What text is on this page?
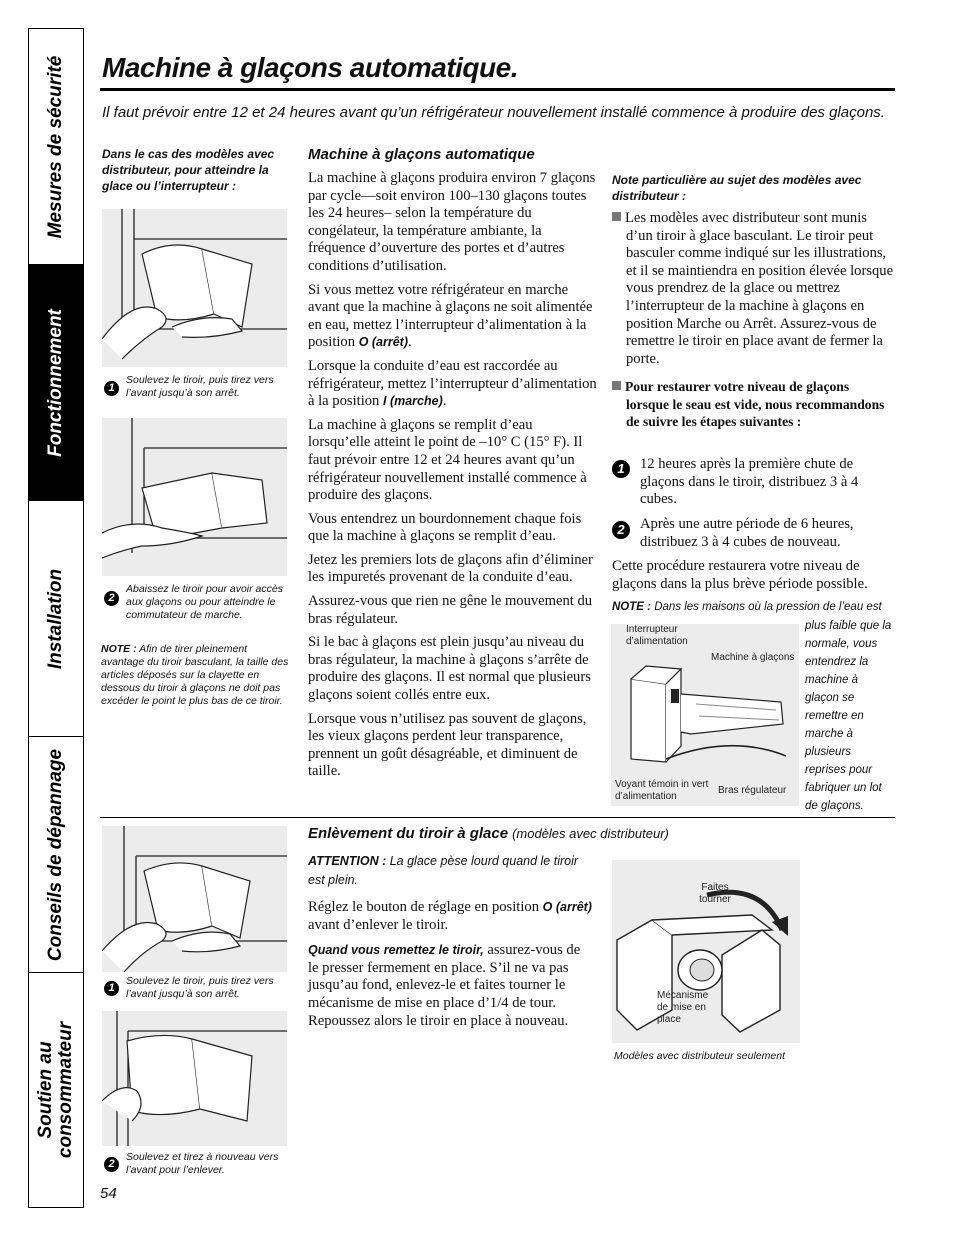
Mesures de sécurité
Fonctionnement
Installation
Conseils de dépannage
Soutien au
consommateur
Machine à glaçons automatique.
Il faut prévoir entre 12 et 24 heures avant qu’un réfrigérateur nouvellement installé commence à produire des glaçons.
Dans le cas des modèles avec distributeur, pour atteindre la glace ou l’interrupteur :
1
Soulevez le tiroir, puis tirez vers l’avant jusqu’à son arrêt.
2
Abaissez le tiroir pour avoir accès aux glaçons ou pour atteindre le commutateur de marche.
NOTE : Afin de tirer pleinement avantage du tiroir basculant, la taille des articles déposés sur la clayette en dessous du tiroir à glaçons ne doit pas excéder le point le plus bas de ce tiroir.
Machine à glaçons automatique

La machine à glaçons produira environ 7 glaçons par cycle—soit environ 100–130 glaçons toutes les 24 heures– selon la température du congélateur, la température ambiante, la fréquence d’ouverture des portes et d’autres conditions d’utilisation.

Si vous mettez votre réfrigérateur en marche avant que la machine à glaçons ne soit alimentée en eau, mettez l’interrupteur d’alimentation à la position O (arrêt).

Lorsque la conduite d’eau est raccordée au réfrigérateur, mettez l’interrupteur d’alimentation à la position I (marche).

La machine à glaçons se remplit d’eau lorsqu’elle atteint le point de –10° C (15° F). Il faut prévoir entre 12 et 24 heures avant qu’un réfrigérateur nouvellement installé commence à produire des glaçons.

Vous entendrez un bourdonnement chaque fois que la machine à glaçons se remplit d’eau.

Jetez les premiers lots de glaçons afin d’éliminer les impuretés provenant de la conduite d’eau.

Assurez-vous que rien ne gêne le mouvement du bras régulateur.

Si le bac à glaçons est plein jusqu’au niveau du bras régulateur, la machine à glaçons s’arrête de produire des glaçons. Il est normal que plusieurs glaçons soient collés entre eux.

Lorsque vous n’utilisez pas souvent de glaçons, les vieux glaçons perdent leur transparence, prennent un goût désagréable, et diminuent de taille.

Note particulière au sujet des modèles avec distributeur :
Les modèles avec distributeur sont munis d’un tiroir à glace basculant. Le tiroir peut basculer comme indiqué sur les illustrations, et il se maintiendra en position élevée lorsque vous prendrez de la glace ou mettrez l’interrupteur de la machine à glaçons en position Marche ou Arrêt. Assurez-vous de remettre le tiroir en place avant de fermer la porte.
Pour restaurer votre niveau de glaçons lorsque le seau est vide, nous recommandons de suivre les étapes suivantes :
1	12 heures après la première chute de glaçons dans le tiroir, distribuez 3 à 4 cubes.
2	Après une autre période de 6 heures, distribuez 3 à 4 cubes de nouveau.
Cette procédure restaurera votre niveau de glaçons dans la plus brève période possible.
NOTE : Dans les maisons où la pression de l’eau est
plus faible que la normale, vous entendrez la machine à glaçon se remettre en marche à plusieurs reprises pour fabriquer un lot de glaçons.
Interrupteur d’alimentation
Machine à glaçons
Voyant témoin in vert d’alimentation
Bras régulateur
1
Soulevez le tiroir, puis tirez vers l’avant jusqu’à son arrêt.
2
Soulevez et tirez à nouveau vers l’avant pour l’enlever.
Enlèvement du tiroir à glace (modèles avec distributeur)
ATTENTION : La glace pèse lourd quand le tiroir est plein.

Réglez le bouton de réglage en position O (arrêt) avant d’enlever le tiroir.

Quand vous remettez le tiroir, assurez-vous de le presser fermement en place. S’il ne va pas jusqu’au fond, enlevez-le et faites tourner le mécanisme de mise en place d’1/4 de tour. Repoussez alors le tiroir en place à nouveau.

Faites tourner
Mécanisme de mise en place
Modèles avec distributeur seulement
54
